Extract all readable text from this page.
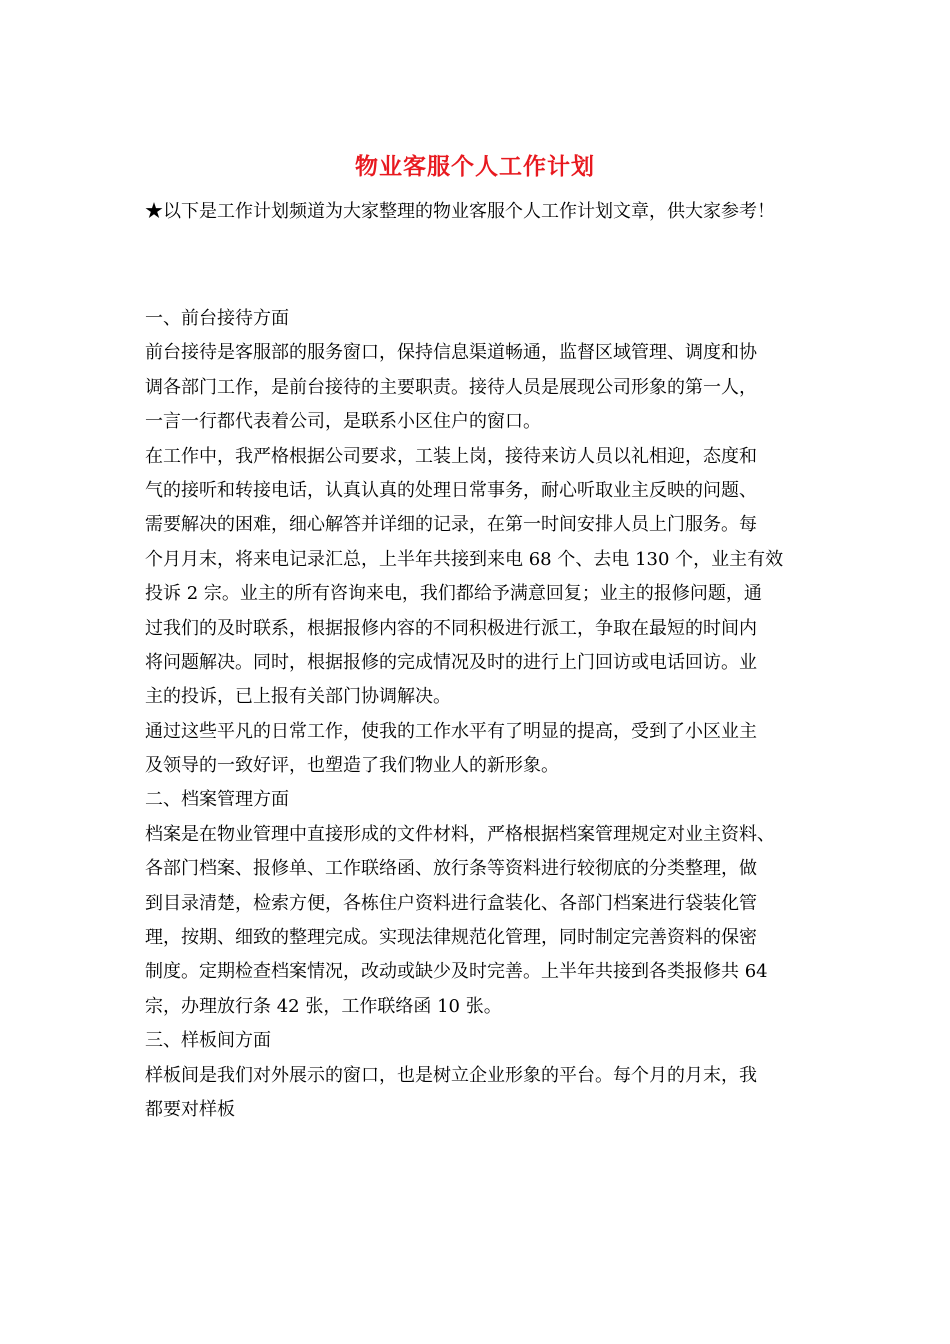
物业客服个人工作计划
★以下是工作计划频道为大家整理的物业客服个人工作计划文章，供大家参考！
一、前台接待方面
前台接待是客服部的服务窗口，保持信息渠道畅通，监督区域管理、调度和协
调各部门工作，是前台接待的主要职责。接待人员是展现公司形象的第一人，
一言一行都代表着公司，是联系小区住户的窗口。
在工作中，我严格根据公司要求，工装上岗，接待来访人员以礼相迎，态度和
气的接听和转接电话，认真认真的处理日常事务，耐心听取业主反映的问题、
需要解决的困难，细心解答并详细的记录，在第一时间安排人员上门服务。每
个月月末，将来电记录汇总，上半年共接到来电 68 个、去电 130 个，业主有效
投诉 2 宗。业主的所有咨询来电，我们都给予满意回复；业主的报修问题，通
过我们的及时联系，根据报修内容的不同积极进行派工，争取在最短的时间内
将问题解决。同时，根据报修的完成情况及时的进行上门回访或电话回访。业
主的投诉，已上报有关部门协调解决。
通过这些平凡的日常工作，使我的工作水平有了明显的提高，受到了小区业主
及领导的一致好评，也塑造了我们物业人的新形象。
二、档案管理方面
档案是在物业管理中直接形成的文件材料，严格根据档案管理规定对业主资料、
各部门档案、报修单、工作联络函、放行条等资料进行较彻底的分类整理，做
到目录清楚，检索方便，各栋住户资料进行盒装化、各部门档案进行袋装化管
理，按期、细致的整理完成。实现法律规范化管理，同时制定完善资料的保密
制度。定期检查档案情况，改动或缺少及时完善。上半年共接到各类报修共 64
宗，办理放行条 42 张，工作联络函 10 张。
三、样板间方面
样板间是我们对外展示的窗口，也是树立企业形象的平台。每个月的月末，我
都要对样板
